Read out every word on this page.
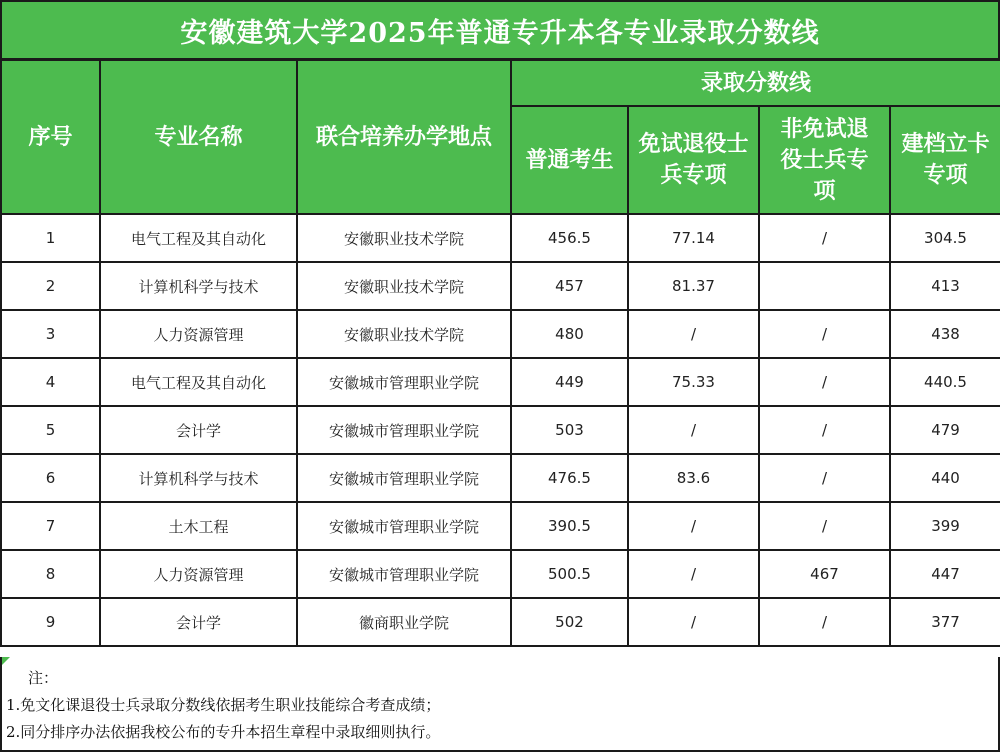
安徽建筑大学2025年普通专升本各专业录取分数线
序号	专业名称	联合培养办学地点	录取分数线			

			普通考生	免试退役士兵专项	非免试退役士兵专项	建档立卡专项

1	电气工程及其自动化	安徽职业技术学院	456.5	77.14	/	304.5
2	计算机科学与技术	安徽职业技术学院	457	81.37		413
3	人力资源管理	安徽职业技术学院	480	/	/	438
4	电气工程及其自动化	安徽城市管理职业学院	449	75.33	/	440.5
5	会计学	安徽城市管理职业学院	503	/	/	479
6	计算机科学与技术	安徽城市管理职业学院	476.5	83.6	/	440
7	土木工程	安徽城市管理职业学院	390.5	/	/	399
8	人力资源管理	安徽城市管理职业学院	500.5	/	467	447
9	会计学	徽商职业学院	502	/	/	377
注：
1.免文化课退役士兵录取分数线依据考生职业技能综合考查成绩；
2.同分排序办法依据我校公布的专升本招生章程中录取细则执行。
